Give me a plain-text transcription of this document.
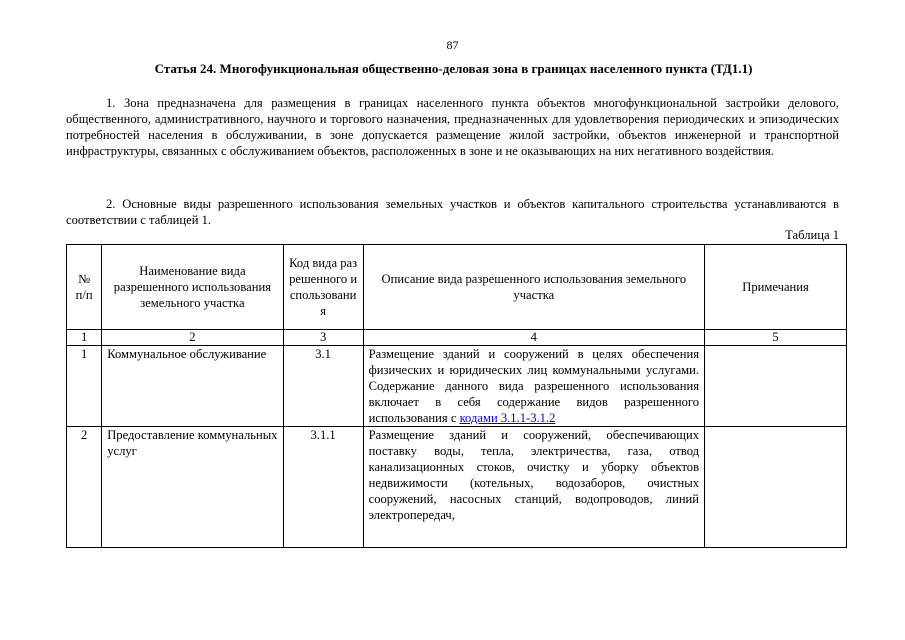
87
Статья 24. Многофункциональная общественно-деловая зона в границах населенного пункта (ТД1.1)
1. Зона предназначена для размещения в границах населенного пункта объектов многофункциональной застройки делового, общественного, административного, научного и торгового назначения, предназначенных для удовлетворения периодических и эпизодических потребностей населения в обслуживании, в зоне допускается размещение жилой застройки, объектов инженерной и транспортной инфраструктуры, связанных с обслуживанием объектов, расположенных в зоне и не оказывающих на них негативного воздействия.
2. Основные виды разрешенного использования земельных участков и объектов капитального строительства устанавливаются в соответствии с таблицей 1.
Таблица 1
№ п/п	Наименование вида разрешенного использования земельного участка	Код вида разрешенного использования	Описание вида разрешенного использования земельного участка	Примечания
1	2	3	4	5
1	Коммунальное обслуживание	3.1	Размещение зданий и сооружений в целях обеспечения физических и юридических лиц коммунальными услугами. Содержание данного вида разрешенного использования включает в себя содержание видов разрешенного использования с кодами 3.1.1-3.1.2	
2	Предоставление коммунальных услуг	3.1.1	Размещение зданий и сооружений, обеспечивающих поставку воды, тепла, электричества, газа, отвод канализационных стоков, очистку и уборку объектов недвижимости (котельных, водозаборов, очистных сооружений, насосных станций, водопроводов, линий электропередач,	
